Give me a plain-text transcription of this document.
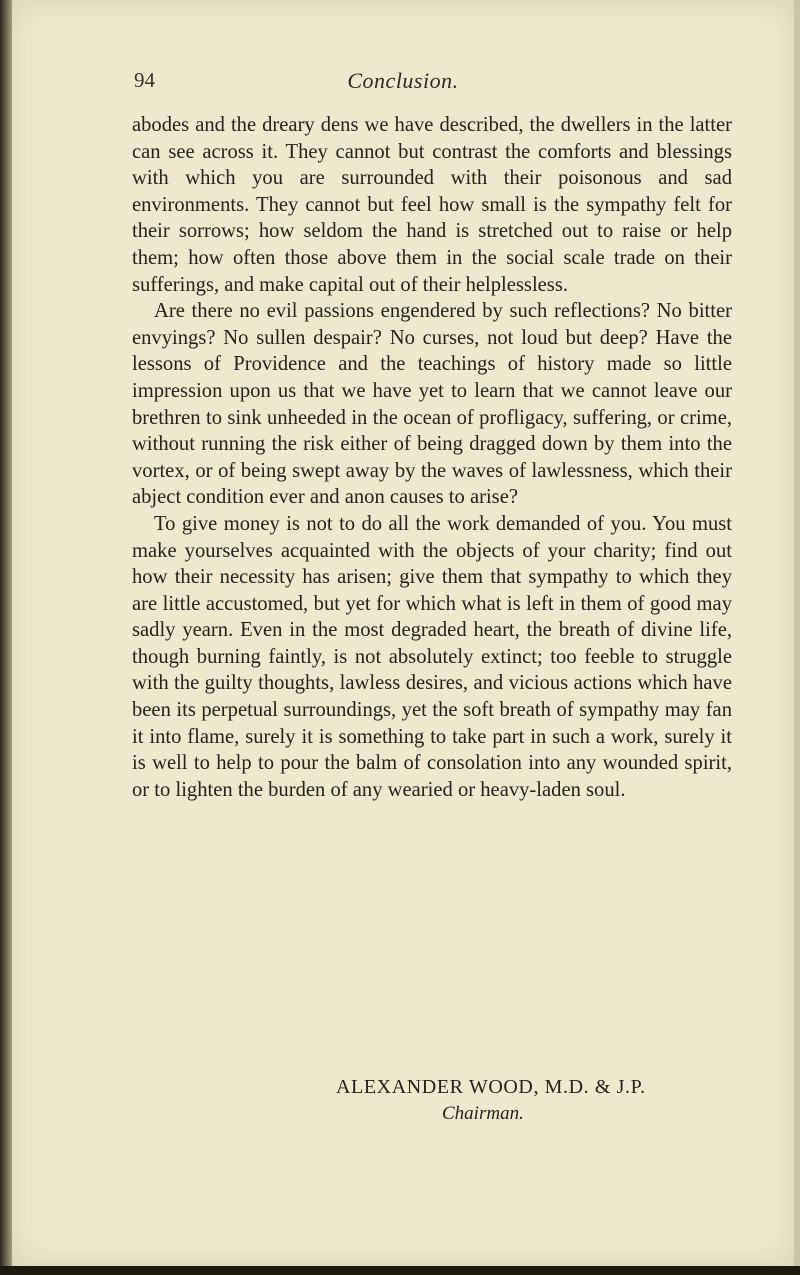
94	Conclusion.

abodes and the dreary dens we have described, the dwellers in the latter can see across it. They cannot but contrast the comforts and blessings with which you are surrounded with their poisonous and sad environments. They cannot but feel how small is the sympathy felt for their sorrows; how seldom the hand is stretched out to raise or help them; how often those above them in the social scale trade on their sufferings, and make capital out of their helplessless.

Are there no evil passions engendered by such reflections? No bitter envyings? No sullen despair? No curses, not loud but deep? Have the lessons of Providence and the teachings of history made so little impression upon us that we have yet to learn that we cannot leave our brethren to sink unheeded in the ocean of profligacy, suffering, or crime, without running the risk either of being dragged down by them into the vortex, or of being swept away by the waves of lawlessness, which their abject condition ever and anon causes to arise?

To give money is not to do all the work demanded of you. You must make yourselves acquainted with the objects of your charity; find out how their necessity has arisen; give them that sympathy to which they are little accustomed, but yet for which what is left in them of good may sadly yearn. Even in the most degraded heart, the breath of divine life, though burning faintly, is not absolutely extinct; too feeble to struggle with the guilty thoughts, lawless desires, and vicious actions which have been its perpetual surroundings, yet the soft breath of sympathy may fan it into flame, surely it is something to take part in such a work, surely it is well to help to pour the balm of consolation into any wounded spirit, or to lighten the burden of any wearied or heavy-laden soul.

ALEXANDER WOOD, M.D. & J.P.
Chairman.
